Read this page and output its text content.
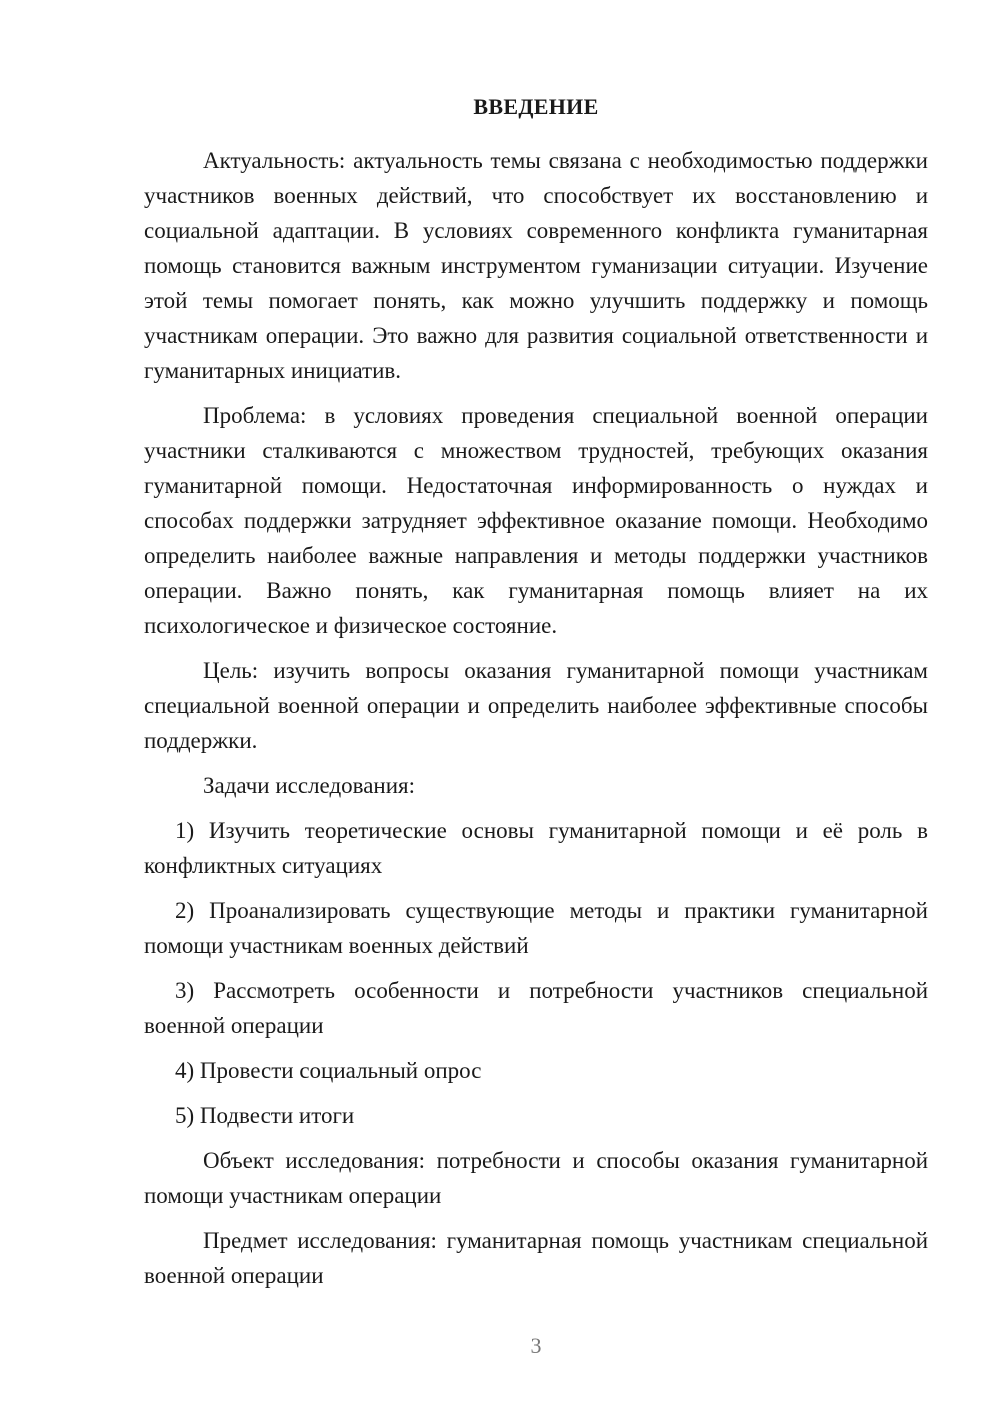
ВВЕДЕНИЕ

Актуальность: актуальность темы связана с необходимостью поддержки участников военных действий, что способствует их восстановлению и социальной адаптации. В условиях современного конфликта гуманитарная помощь становится важным инструментом гуманизации ситуации. Изучение этой темы помогает понять, как можно улучшить поддержку и помощь участникам операции. Это важно для развития социальной ответственности и гуманитарных инициатив.

Проблема: в условиях проведения специальной военной операции участники сталкиваются с множеством трудностей, требующих оказания гуманитарной помощи. Недостаточная информированность о нуждах и способах поддержки затрудняет эффективное оказание помощи. Необходимо определить наиболее важные направления и методы поддержки участников операции. Важно понять, как гуманитарная помощь влияет на их психологическое и физическое состояние.

Цель: изучить вопросы оказания гуманитарной помощи участникам специальной военной операции и определить наиболее эффективные способы поддержки.

Задачи исследования:

1) Изучить теоретические основы гуманитарной помощи и её роль в конфликтных ситуациях

2) Проанализировать существующие методы и практики гуманитарной помощи участникам военных действий

3) Рассмотреть особенности и потребности участников специальной военной операции

4) Провести социальный опрос

5) Подвести итоги

Объект исследования: потребности и способы оказания гуманитарной помощи участникам операции

Предмет исследования: гуманитарная помощь участникам специальной военной операции

3
